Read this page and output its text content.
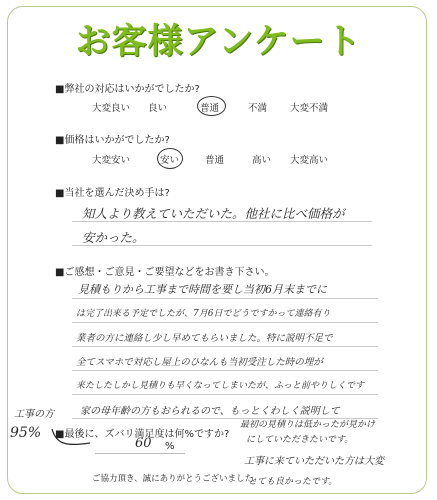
お客様アンケート
■弊社の対応はいかがでしたか?
大変良い 良い	普通	不満 大変不満
■価格はいかがでしたか?
大変安い	安い	普通	高い 大変高い
■当社を選んだ決め手は?
知人より教えていただいた。他社に比べ価格が
安かった。
■ご感想・ご意見・ご要望などをお書き下さい。
見積もりから工事まで時間を要し当初6月末までに
は完了出来る予定でしたが、7月6日でどうですかって連絡有り
業者の方に連絡し少し早めてもらいました。特に説明不足で
全てスマホで対応し屋上のひなんも当初受注した時の埋が
来たしたしかし見積りも早くなってしまいたが、ふっと前やりしくです
家の母年齢の方もおられるので、もっとくわしく説明して
最初の見積りは低かったが見かけ
にしていただきたいです。
工事に来ていただいた方は大変
とても良かったです。
工事の方
95% ■最後に、ズバリ満足度は何%ですか?
60 %
ご協力頂き、誠にありがとうございました。
